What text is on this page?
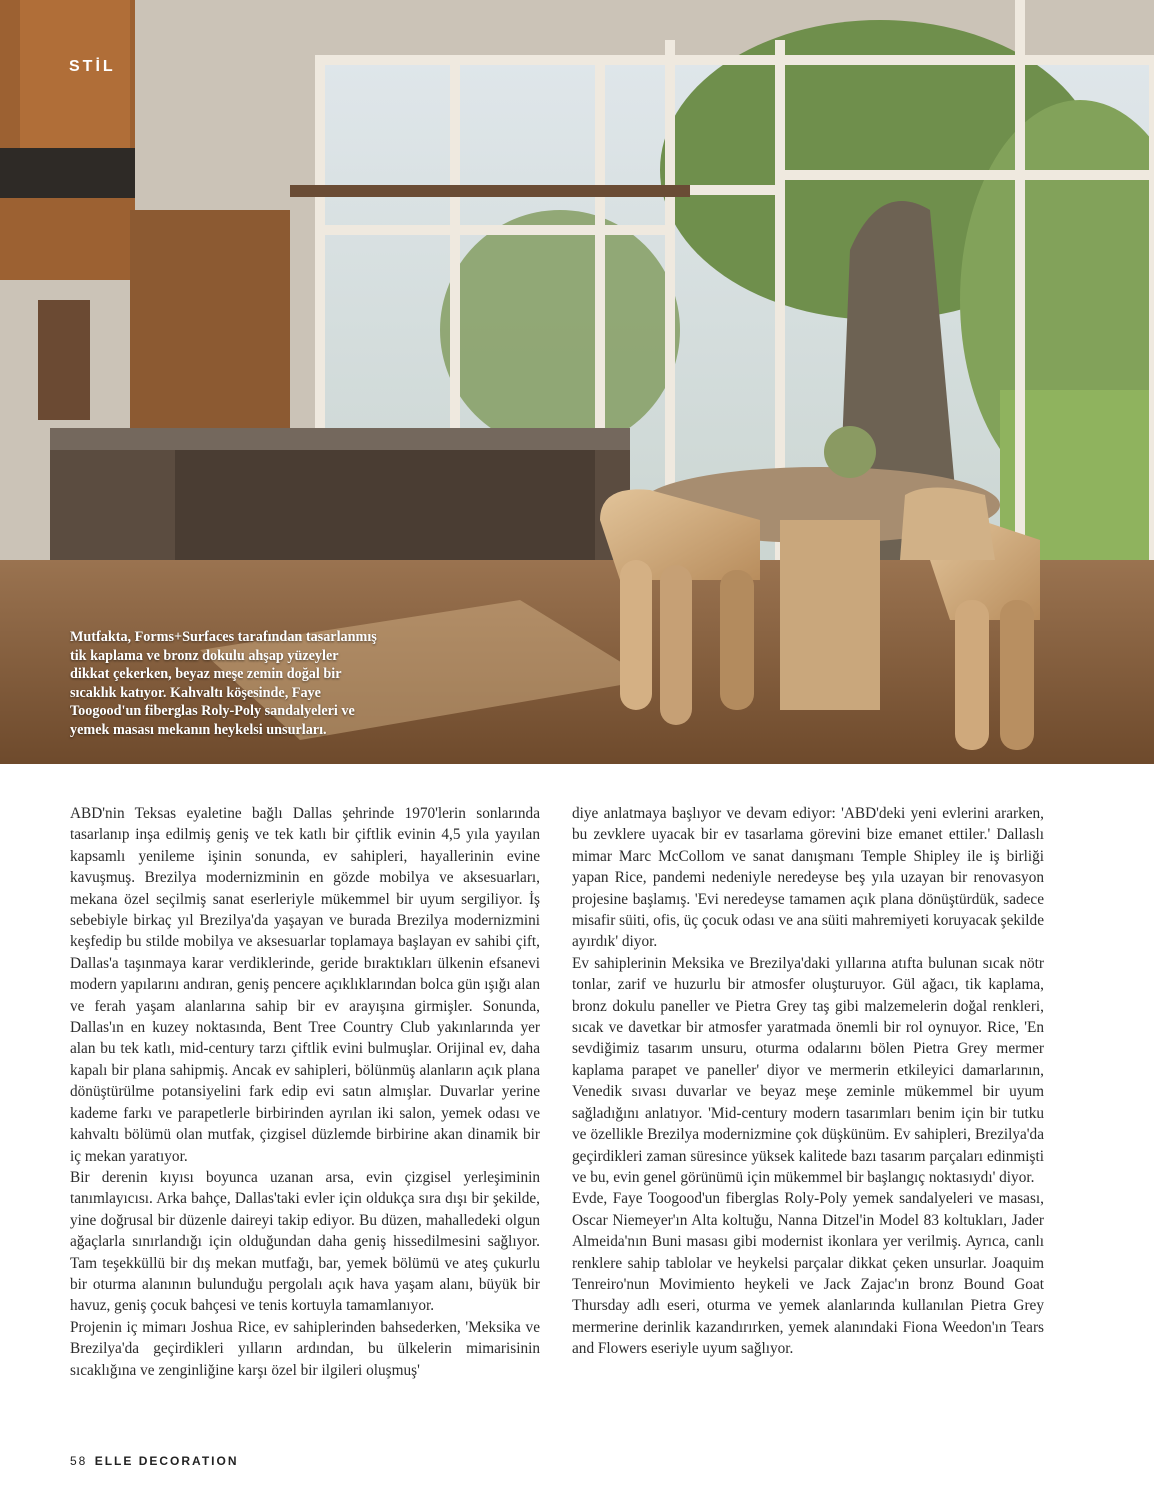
STİL
Mutfakta, Forms+Surfaces tarafından tasarlanmış tik kaplama ve bronz dokulu ahşap yüzeyler dikkat çekerken, beyaz meşe zemin doğal bir sıcaklık katıyor. Kahvaltı köşesinde, Faye Toogood'un fiberglas Roly-Poly sandalyeleri ve yemek masası mekanın heykelsi unsurları.

ABD'nin Teksas eyaletine bağlı Dallas şehrinde 1970'lerin sonlarında tasarlanıp inşa edilmiş geniş ve tek katlı bir çiftlik evinin 4,5 yıla yayılan kapsamlı yenileme işinin sonunda, ev sahipleri, hayallerinin evine kavuşmuş. Brezilya modernizminin en gözde mobilya ve aksesuarları, mekana özel seçilmiş sanat eserleriyle mükemmel bir uyum sergiliyor. İş sebebiyle birkaç yıl Brezilya'da yaşayan ve burada Brezilya modernizmini keşfedip bu stilde mobilya ve aksesuarlar toplamaya başlayan ev sahibi çift, Dallas'a taşınmaya karar verdiklerinde, geride bıraktıkları ülkenin efsanevi modern yapılarını andıran, geniş pencere açıklıklarından bolca gün ışığı alan ve ferah yaşam alanlarına sahip bir ev arayışına girmişler. Sonunda, Dallas'ın en kuzey noktasında, Bent Tree Country Club yakınlarında yer alan bu tek katlı, mid-century tarzı çiftlik evini bulmuşlar. Orijinal ev, daha kapalı bir plana sahipmiş. Ancak ev sahipleri, bölünmüş alanların açık plana dönüştürülme potansiyelini fark edip evi satın almışlar. Duvarlar yerine kademe farkı ve parapetlerle birbirinden ayrılan iki salon, yemek odası ve kahvaltı bölümü olan mutfak, çizgisel düzlemde birbirine akan dinamik bir iç mekan yaratıyor.

Bir derenin kıyısı boyunca uzanan arsa, evin çizgisel yerleşiminin tanımlayıcısı. Arka bahçe, Dallas'taki evler için oldukça sıra dışı bir şekilde, yine doğrusal bir düzenle daireyi takip ediyor. Bu düzen, mahalledeki olgun ağaçlarla sınırlandığı için olduğundan daha geniş hissedilmesini sağlıyor. Tam teşekküllü bir dış mekan mutfağı, bar, yemek bölümü ve ateş çukurlu bir oturma alanının bulunduğu pergolalı açık hava yaşam alanı, büyük bir havuz, geniş çocuk bahçesi ve tenis kortuyla tamamlanıyor.

Projenin iç mimarı Joshua Rice, ev sahiplerinden bahsederken, 'Meksika ve Brezilya'da geçirdikleri yılların ardından, bu ülkelerin mimarisinin sıcaklığına ve zenginliğine karşı özel bir ilgileri oluşmuş'

diye anlatmaya başlıyor ve devam ediyor: 'ABD'deki yeni evlerini ararken, bu zevklere uyacak bir ev tasarlama görevini bize emanet ettiler.' Dallaslı mimar Marc McCollom ve sanat danışmanı Temple Shipley ile iş birliği yapan Rice, pandemi nedeniyle neredeyse beş yıla uzayan bir renovasyon projesine başlamış. 'Evi neredeyse tamamen açık plana dönüştürdük, sadece misafir süiti, ofis, üç çocuk odası ve ana süiti mahremiyeti koruyacak şekilde ayırdık' diyor.

Ev sahiplerinin Meksika ve Brezilya'daki yıllarına atıfta bulunan sıcak nötr tonlar, zarif ve huzurlu bir atmosfer oluşturuyor. Gül ağacı, tik kaplama, bronz dokulu paneller ve Pietra Grey taş gibi malzemelerin doğal renkleri, sıcak ve davetkar bir atmosfer yaratmada önemli bir rol oynuyor. Rice, 'En sevdiğimiz tasarım unsuru, oturma odalarını bölen Pietra Grey mermer kaplama parapet ve paneller' diyor ve mermerin etkileyici damarlarının, Venedik sıvası duvarlar ve beyaz meşe zeminle mükemmel bir uyum sağladığını anlatıyor. 'Mid-century modern tasarımları benim için bir tutku ve özellikle Brezilya modernizmine çok düşkünüm. Ev sahipleri, Brezilya'da geçirdikleri zaman süresince yüksek kalitede bazı tasarım parçaları edinmişti ve bu, evin genel görünümü için mükemmel bir başlangıç noktasıydı' diyor.

Evde, Faye Toogood'un fiberglas Roly-Poly yemek sandalyeleri ve masası, Oscar Niemeyer'ın Alta koltuğu, Nanna Ditzel'in Model 83 koltukları, Jader Almeida'nın Buni masası gibi modernist ikonlara yer verilmiş. Ayrıca, canlı renklere sahip tablolar ve heykelsi parçalar dikkat çeken unsurlar. Joaquim Tenreiro'nun Movimiento heykeli ve Jack Zajac'ın bronz Bound Goat Thursday adlı eseri, oturma ve yemek alanlarında kullanılan Pietra Grey mermerine derinlik kazandırırken, yemek alanındaki Fiona Weedon'ın Tears and Flowers eseriyle uyum sağlıyor.

58 ELLE DECORATION
